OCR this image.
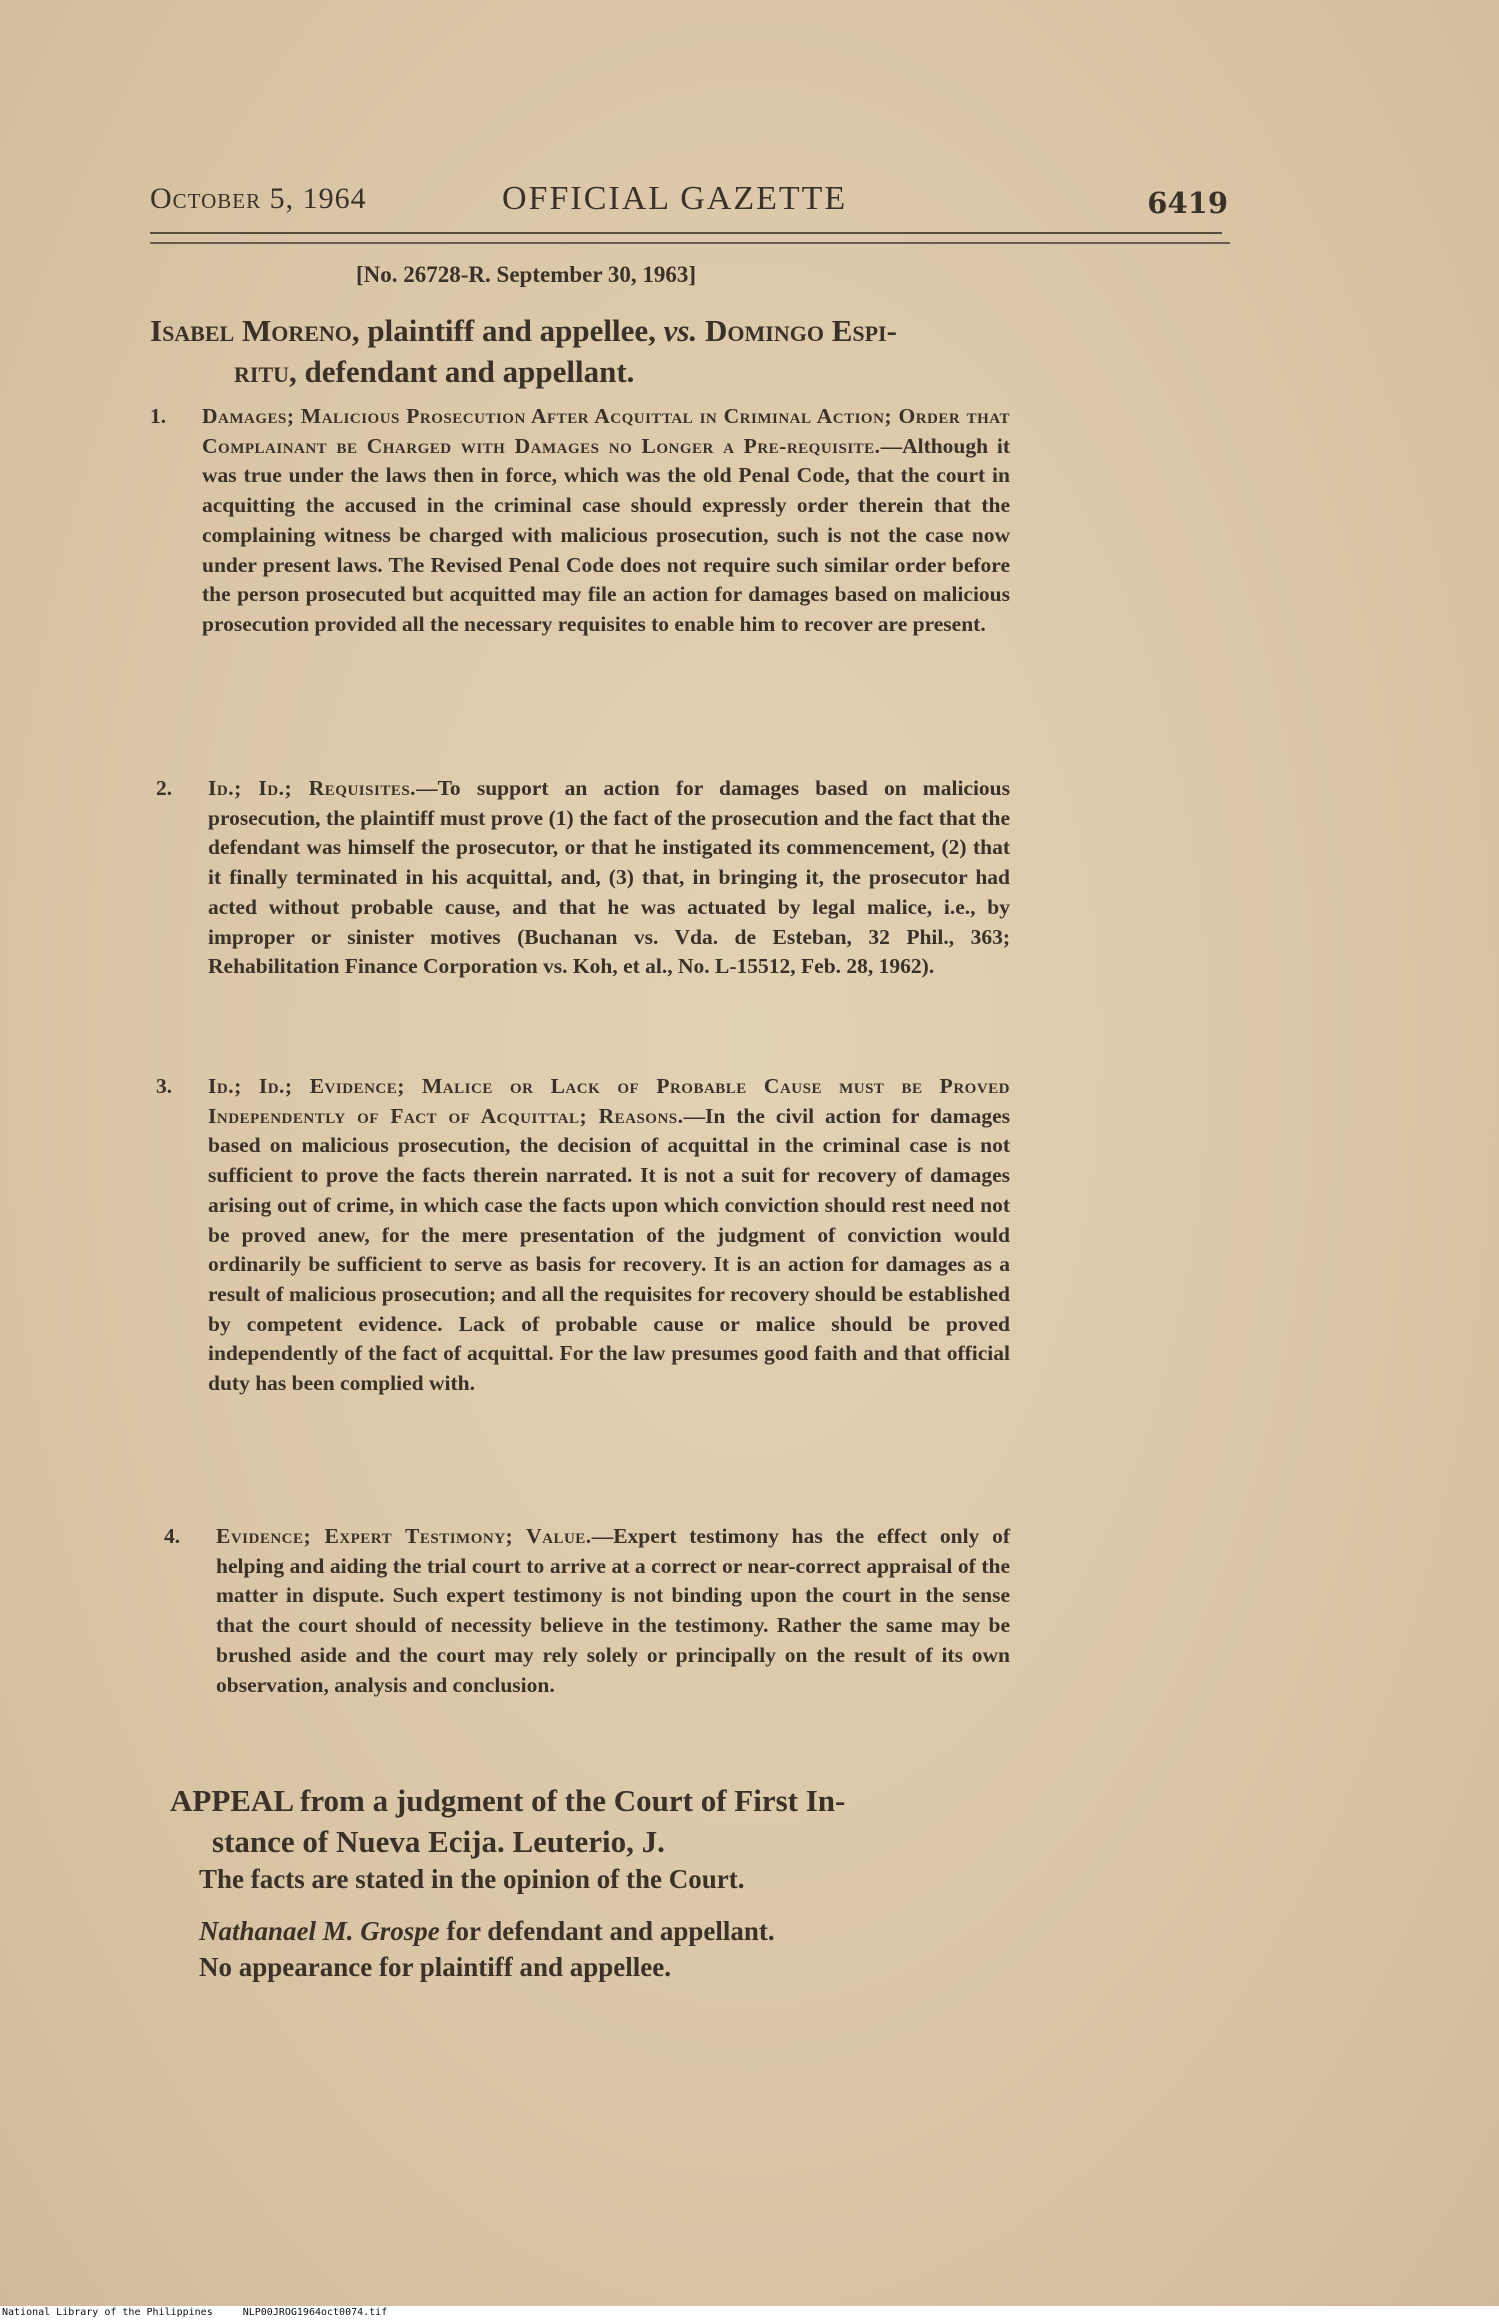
October 5, 1964	OFFICIAL GAZETTE	6419
[No. 26728-R. September 30, 1963]
Isabel Moreno, plaintiff and appellee, vs. Domingo Espi-
ritu, defendant and appellant.
1. Damages; Malicious Prosecution After Acquittal in Criminal Action; Order that Complainant be Charged with Damages no Longer a Pre-requisite.—Although it was true under the laws then in force, which was the old Penal Code, that the court in acquitting the accused in the criminal case should expressly order therein that the complaining witness be charged with malicious prosecution, such is not the case now under present laws. The Revised Penal Code does not require such similar order before the person prosecuted but acquitted may file an action for damages based on malicious prosecution provided all the necessary requisites to enable him to recover are present.
2. Id.; Id.; Requisites.—To support an action for damages based on malicious prosecution, the plaintiff must prove (1) the fact of the prosecution and the fact that the defendant was himself the prosecutor, or that he instigated its commencement, (2) that it finally terminated in his acquittal, and, (3) that, in bringing it, the prosecutor had acted without probable cause, and that he was actuated by legal malice, i.e., by improper or sinister motives (Buchanan vs. Vda. de Esteban, 32 Phil., 363; Rehabilitation Finance Corporation vs. Koh, et al., No. L-15512, Feb. 28, 1962).
3. Id.; Id.; Evidence; Malice or Lack of Probable Cause must be Proved Independently of Fact of Acquittal; Reasons.—In the civil action for damages based on malicious prosecution, the decision of acquittal in the criminal case is not sufficient to prove the facts therein narrated. It is not a suit for recovery of damages arising out of crime, in which case the facts upon which conviction should rest need not be proved anew, for the mere presentation of the judgment of conviction would ordinarily be sufficient to serve as basis for recovery. It is an action for damages as a result of malicious prosecution; and all the requisites for recovery should be established by competent evidence. Lack of probable cause or malice should be proved independently of the fact of acquittal. For the law presumes good faith and that official duty has been complied with.
4. Evidence; Expert Testimony; Value.—Expert testimony has the effect only of helping and aiding the trial court to arrive at a correct or near-correct appraisal of the matter in dispute. Such expert testimony is not binding upon the court in the sense that the court should of necessity believe in the testimony. Rather the same may be brushed aside and the court may rely solely or principally on the result of its own observation, analysis and conclusion.
APPEAL from a judgment of the Court of First In-
stance of Nueva Ecija. Leuterio, J.
The facts are stated in the opinion of the Court.
Nathanael M. Grospe for defendant and appellant.
No appearance for plaintiff and appellee.
National Library of the Philippines	NLP00JROG1964oct0074.tif
